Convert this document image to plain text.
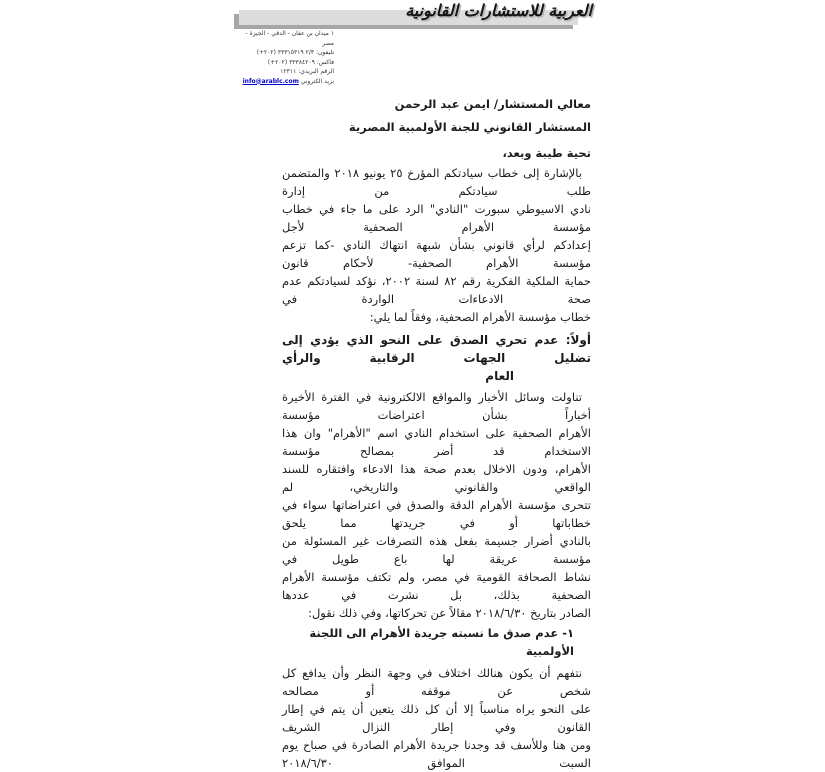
العربية للاستشارات القانونية
١ ميدان بن عفان - الدقي - الجيزة - مصر
تليفون: ٢/٣ ٣٣٣١٥٣١٩ (٢٠٢+)
فاكس: ٣٣٣٨٤٢٠٩ (٢٠٢+)
الرقم البريدي: ١٢٣١١
بريد الكتروني info@arablc.com
معالي المستشار/ ايمن عبد الرحمن
المستشار القانوني للجنة الأولمبية المصرية
تحية طيبة وبعد،
بالإشارة إلى خطاب سيادتكم المؤرخ ٢٥ يونيو ٢٠١٨ والمتضمن طلب سيادتكم من إدارة
نادي الاسيوطي سبورت "النادي" الرد على ما جاء في خطاب مؤسسة الأهرام الصحفية لأجل
إعدادكم لرأي قانوني بشأن شبهة انتهاك النادي -كما تزعم مؤسسة الأهرام الصحفية- لأحكام قانون
حماية الملكية الفكرية رقم ٨٢ لسنة ٢٠٠٢، نؤكد لسيادتكم عدم صحة الادعاءات الواردة في
خطاب مؤسسة الأهرام الصحفية، وفقاً لما يلي:
أولاً: عدم تحري الصدق على النحو الذي يؤدي إلى تضليل الجهات الرقابية والرأي
العام
تناولت وسائل الأخبار والمواقع الالكترونية في الفترة الأخيرة أخباراً بشأن اعتراضات مؤسسة
الأهرام الصحفية على استخدام النادي اسم "الأهرام" وان هذا الاستخدام قد أضر بمصالح مؤسسة
الأهرام، ودون الاخلال بعدم صحة هذا الادعاء وافتقاره للسند الواقعي والقانوني والتاريخي، لم
تتحرى مؤسسة الأهرام الدقة والصدق في اعتراضاتها سواء في خطاباتها أو في جريدتها مما يلحق
بالنادي أضرار جسيمة بفعل هذه التصرفات غير المسئولة من مؤسسة عريقة لها باع طويل في
نشاط الصحافة القومية في مصر، ولم تكتف مؤسسة الأهرام الصحفية بذلك، بل نشرت في عددها
الصادر بتاريخ ٢٠١٨/٦/٣٠ مقالاً عن تحركاتها، وفي ذلك نقول:
١- عدم صدق ما نسبته جريدة الأهرام الى اللجنة الأولمبية
نتفهم أن يكون هنالك اختلاف في وجهة النظر وأن يدافع كل شخص عن موقفه أو مصالحه
على النحو يراه مناسباً إلا أن كل ذلك يتعين أن يتم في إطار القانون وفي إطار النزال الشريف
ومن هنا وللأسف قد وجدنا جريدة الأهرام الصادرة في صباح يوم السبت الموافق ٢٠١٨/٦/٣٠
